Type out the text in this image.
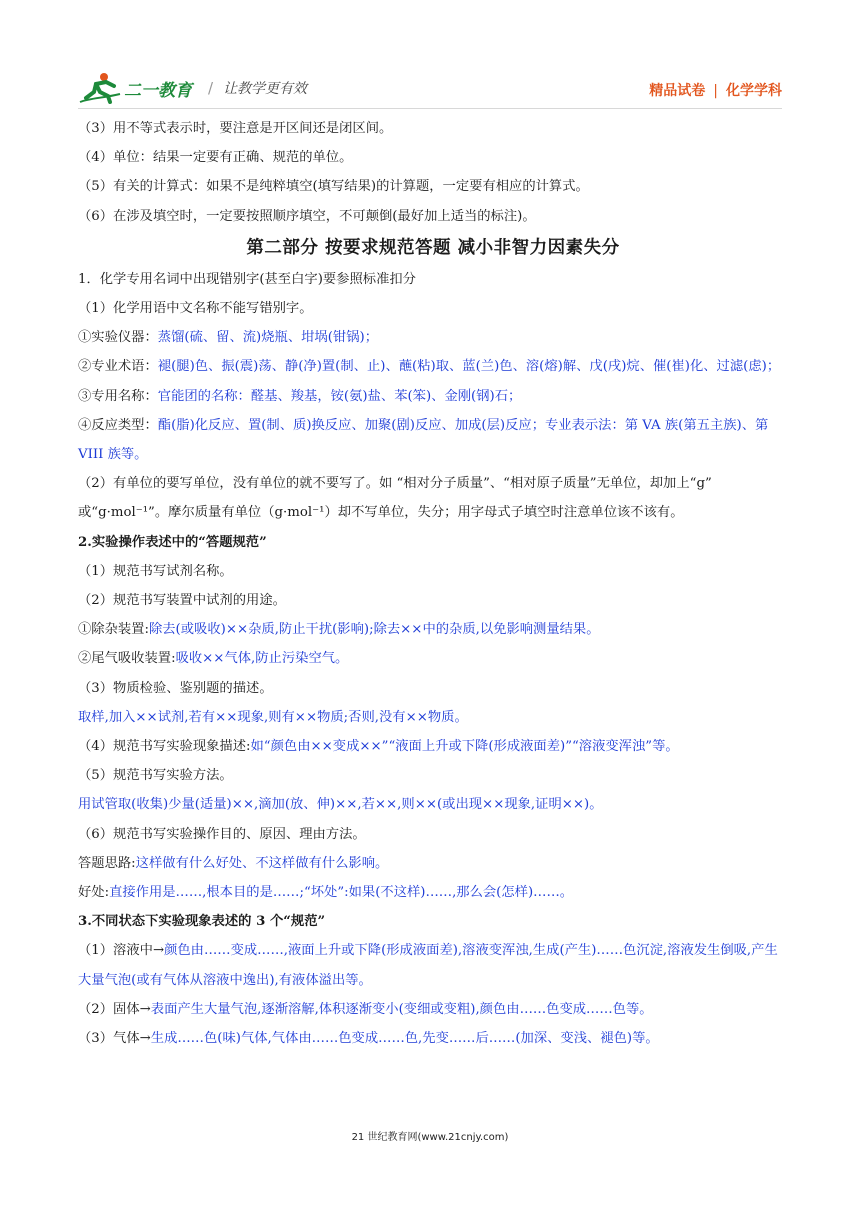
二一教育 / 让教学更有效	精品试卷 | 化学学科
（3）用不等式表示时，要注意是开区间还是闭区间。
（4）单位：结果一定要有正确、规范的单位。
（5）有关的计算式：如果不是纯粹填空(填写结果)的计算题，一定要有相应的计算式。
（6）在涉及填空时，一定要按照顺序填空，不可颠倒(最好加上适当的标注)。
第二部分 按要求规范答题 减小非智力因素失分
1．化学专用名词中出现错别字(甚至白字)要参照标准扣分
（1）化学用语中文名称不能写错别字。
①实验仪器：蒸馏(硫、留、流)烧瓶、坩埚(钳锅)；
②专业术语：褪(腿)色、振(震)荡、静(净)置(制、止)、蘸(粘)取、蓝(兰)色、溶(熔)解、戊(戌)烷、催(崔)化、过滤(虑)；
③专用名称：官能团的名称：醛基、羧基，铵(氨)盐、苯(笨)、金刚(钢)石；
④反应类型：酯(脂)化反应、置(制、质)换反应、加聚(剧)反应、加成(层)反应；专业表示法：第 VA 族(第五主族)、第 VIII 族等。
（2）有单位的要写单位，没有单位的就不要写了。如 “相对分子质量”、“相对原子质量”无单位，却加上“g”
或“g·mol⁻¹”。摩尔质量有单位（g·mol⁻¹）却不写单位，失分；用字母式子填空时注意单位该不该有。
2.实验操作表述中的“答题规范”
（1）规范书写试剂名称。
（2）规范书写装置中试剂的用途。
①除杂装置:除去(或吸收)××杂质,防止干扰(影响);除去××中的杂质,以免影响测量结果。
②尾气吸收装置:吸收××气体,防止污染空气。
（3）物质检验、鉴别题的描述。
取样,加入××试剂,若有××现象,则有××物质;否则,没有××物质。
（4）规范书写实验现象描述:如“颜色由××变成××”“液面上升或下降(形成液面差)”“溶液变浑浊”等。
（5）规范书写实验方法。
用试管取(收集)少量(适量)××,滴加(放、伸)××,若××,则××(或出现××现象,证明××)。
（6）规范书写实验操作目的、原因、理由方法。
答题思路:这样做有什么好处、不这样做有什么影响。
好处:直接作用是……,根本目的是……;“坏处”:如果(不这样)……,那么会(怎样)……。
3.不同状态下实验现象表述的 3 个“规范”
（1）溶液中→颜色由……变成……,液面上升或下降(形成液面差),溶液变浑浊,生成(产生)……色沉淀,溶液发生倒吸,产生大量气泡(或有气体从溶液中逸出),有液体溢出等。
（2）固体→表面产生大量气泡,逐渐溶解,体积逐渐变小(变细或变粗),颜色由……色变成……色等。
（3）气体→生成……色(味)气体,气体由……色变成……色,先变……后……(加深、变浅、褪色)等。
21 世纪教育网(www.21cnjy.com)
